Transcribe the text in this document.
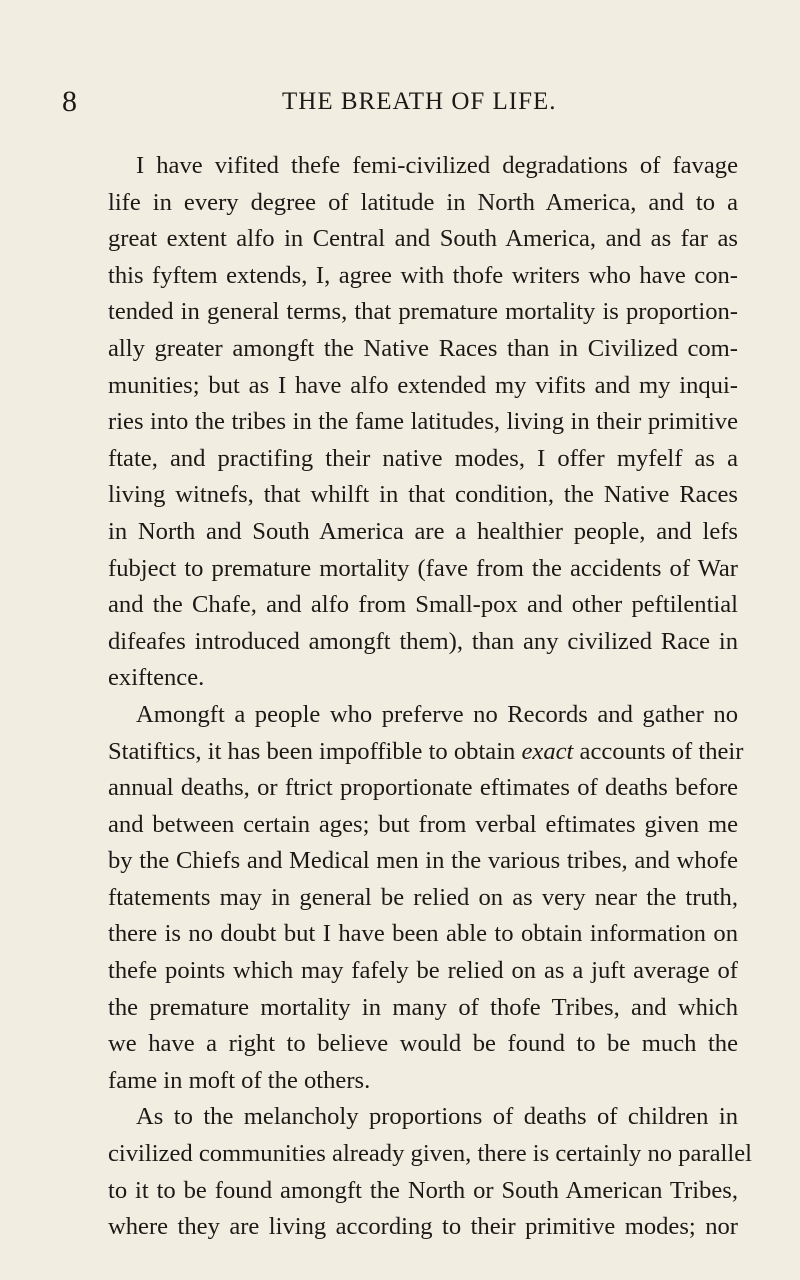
8	THE BREATH OF LIFE.
I have vifited thefe femi-civilized degradations of favage
life in every degree of latitude in North America, and to a
great extent alfo in Central and South America, and as far as
this fyftem extends, I, agree with thofe writers who have con-
tended in general terms, that premature mortality is proportion-
ally greater amongft the Native Races than in Civilized com-
munities; but as I have alfo extended my vifits and my inqui-
ries into the tribes in the fame latitudes, living in their primitive
ftate, and practifing their native modes, I offer myfelf as a
living witnefs, that whilft in that condition, the Native Races
in North and South America are a healthier people, and lefs
fubject to premature mortality (fave from the accidents of War
and the Chafe, and alfo from Small-pox and other peftilential
difeafes introduced amongft them), than any civilized Race in
exiftence.
Amongft a people who preferve no Records and gather no
Statiftics, it has been impoffible to obtain exact accounts of their
annual deaths, or ftrict proportionate eftimates of deaths before
and between certain ages; but from verbal eftimates given me
by the Chiefs and Medical men in the various tribes, and whofe
ftatements may in general be relied on as very near the truth,
there is no doubt but I have been able to obtain information on
thefe points which may fafely be relied on as a juft average of
the premature mortality in many of thofe Tribes, and which
we have a right to believe would be found to be much the
fame in moft of the others.
As to the melancholy proportions of deaths of children in
civilized communities already given, there is certainly no parallel
to it to be found amongft the North or South American Tribes,
where they are living according to their primitive modes; nor
